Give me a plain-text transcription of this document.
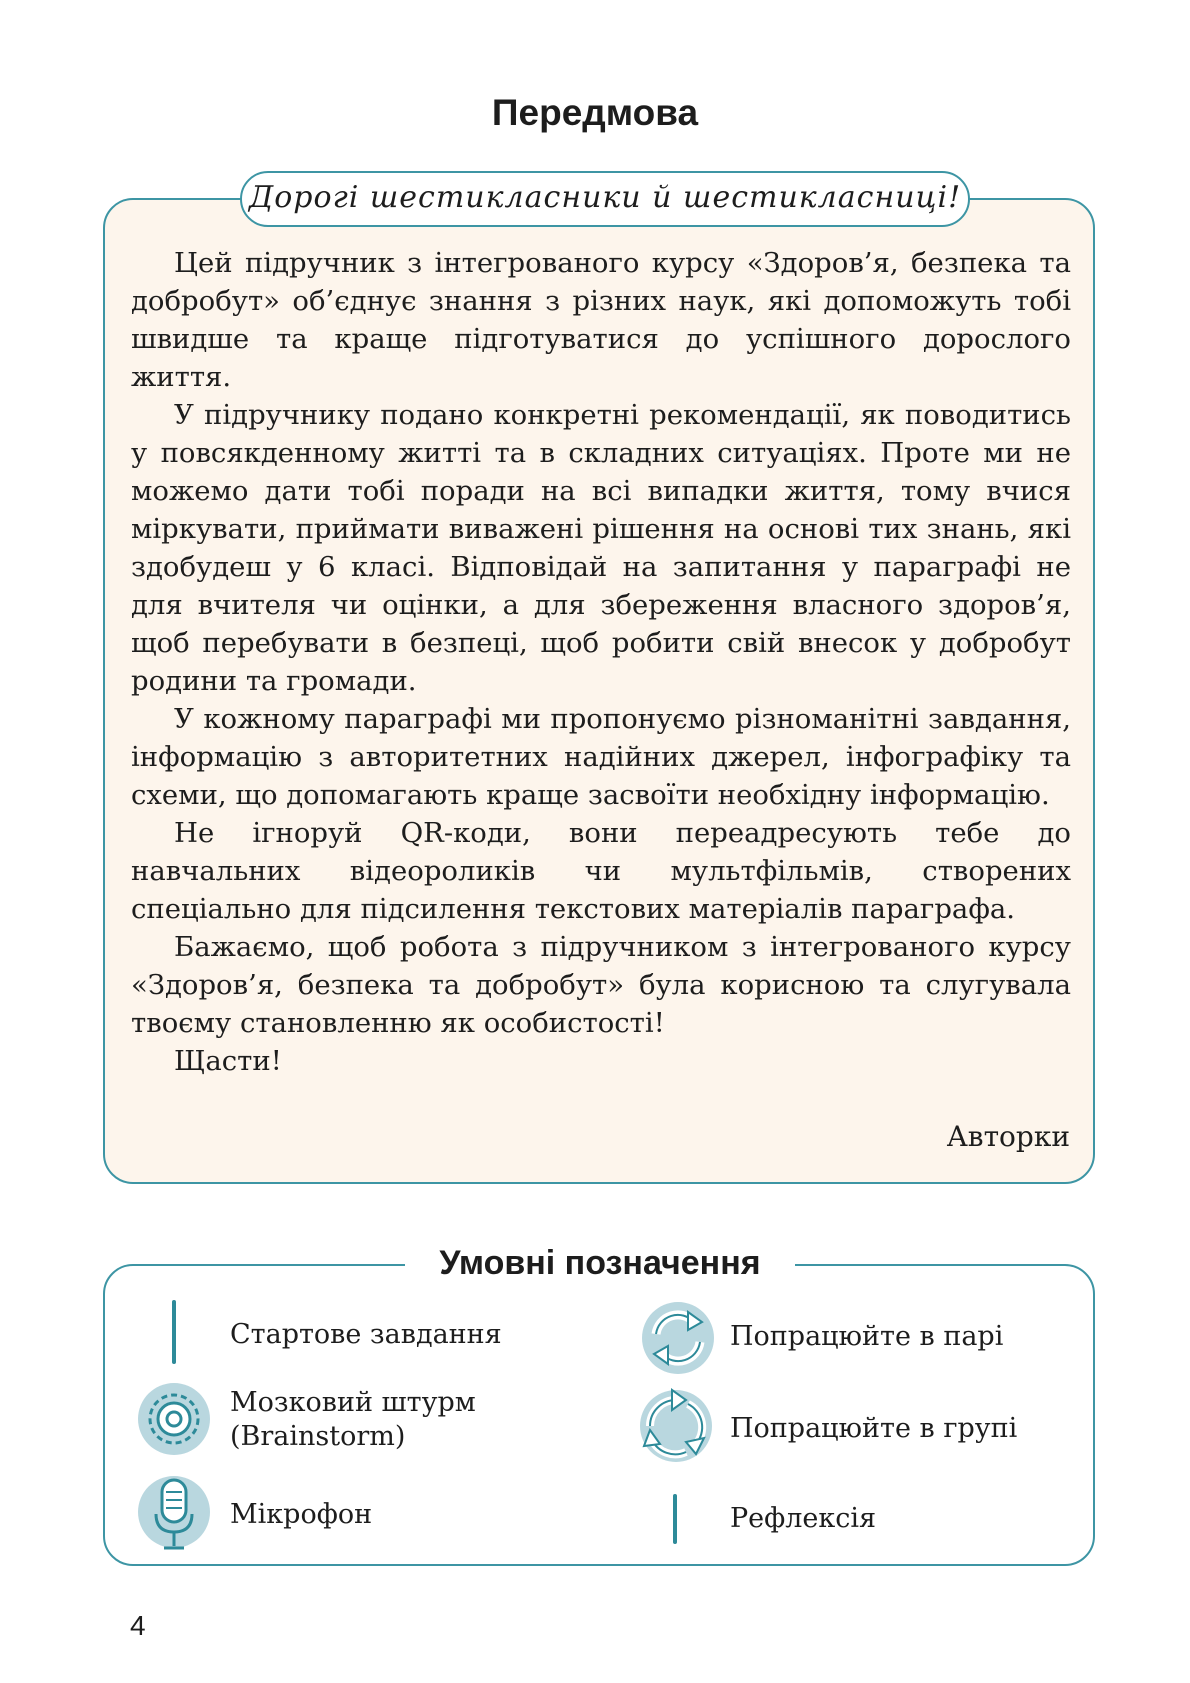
Передмова
Дорогі шестикласники й шестикласниці!

Цей підручник з інтегрованого курсу «Здоров’я, безпека та добробут» об’єднує знання з різних наук, які допоможуть тобі швидше та краще підготуватися до успішного дорослого життя.

У підручнику подано конкретні рекомендації, як поводитись у повсякденному житті та в складних ситуаціях. Проте ми не можемо дати тобі поради на всі випадки життя, тому вчися міркувати, приймати виважені рішення на основі тих знань, які здобудеш у 6 класі. Відповідай на запитання у параграфі не для вчителя чи оцінки, а для збереження власного здоров’я, щоб перебувати в безпеці, щоб робити свій внесок у добробут родини та громади.

У кожному параграфі ми пропонуємо різноманітні завдання, інформацію з авторитетних надійних джерел, інфографіку та схеми, що допомагають краще засвоїти необхідну інформацію.

Не ігноруй QR-коди, вони переадресують тебе до навчальних відеороликів чи мультфільмів, створених спеціально для підсилення текстових матеріалів параграфа.

Бажаємо, щоб робота з підручником з інтегрованого курсу «Здоров’я, безпека та добробут» була корисною та слугувала твоєму становленню як особистості!

Щасти!

Авторки
Умовні позначення
Стартове завдання
Мозковий штурм
(Brainstorm)
Мікрофон
Попрацюйте в парі
Попрацюйте в групі
Рефлексія
4
